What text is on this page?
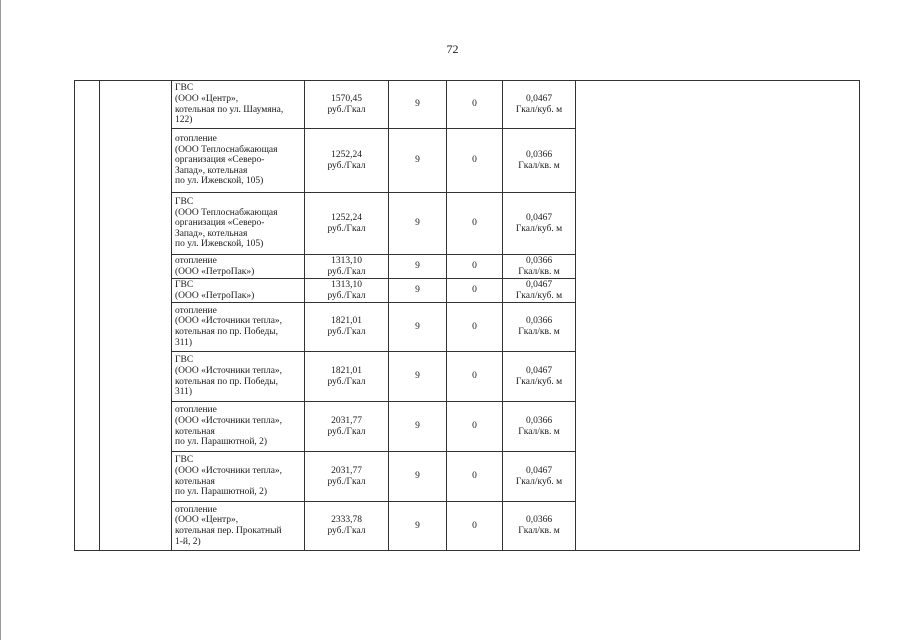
72
		ГВС
(ООО «Центр»,
котельная по ул. Шаумяна,
122)	1570,45
руб./Гкал	9	0	0,0467
Гкал/куб. м	
		отопление
(ООО Теплоснабжающая
организация «Северо-
Запад», котельная
по ул. Ижевской, 105)	1252,24
руб./Гкал	9	0	0,0366
Гкал/кв. м	
		ГВС
(ООО Теплоснабжающая
организация «Северо-
Запад», котельная
по ул. Ижевской, 105)	1252,24
руб./Гкал	9	0	0,0467
Гкал/куб. м	
		отопление
(ООО «ПетроПак»)	1313,10
руб./Гкал	9	0	0,0366
Гкал/кв. м	
		ГВС
(ООО «ПетроПак»)	1313,10
руб./Гкал	9	0	0,0467
Гкал/куб. м	
		отопление
(ООО «Источники тепла»,
котельная по пр. Победы,
311)	1821,01
руб./Гкал	9	0	0,0366
Гкал/кв. м	
		ГВС
(ООО «Источники тепла»,
котельная по пр. Победы,
311)	1821,01
руб./Гкал	9	0	0,0467
Гкал/куб. м	
		отопление
(ООО «Источники тепла»,
котельная
по ул. Парашютной, 2)	2031,77
руб./Гкал	9	0	0,0366
Гкал/кв. м	
		ГВС
(ООО «Источники тепла»,
котельная
по ул. Парашютной, 2)	2031,77
руб./Гкал	9	0	0,0467
Гкал/куб. м	
		отопление
(ООО «Центр»,
котельная пер. Прокатный
1-й, 2)	2333,78
руб./Гкал	9	0	0,0366
Гкал/кв. м	
